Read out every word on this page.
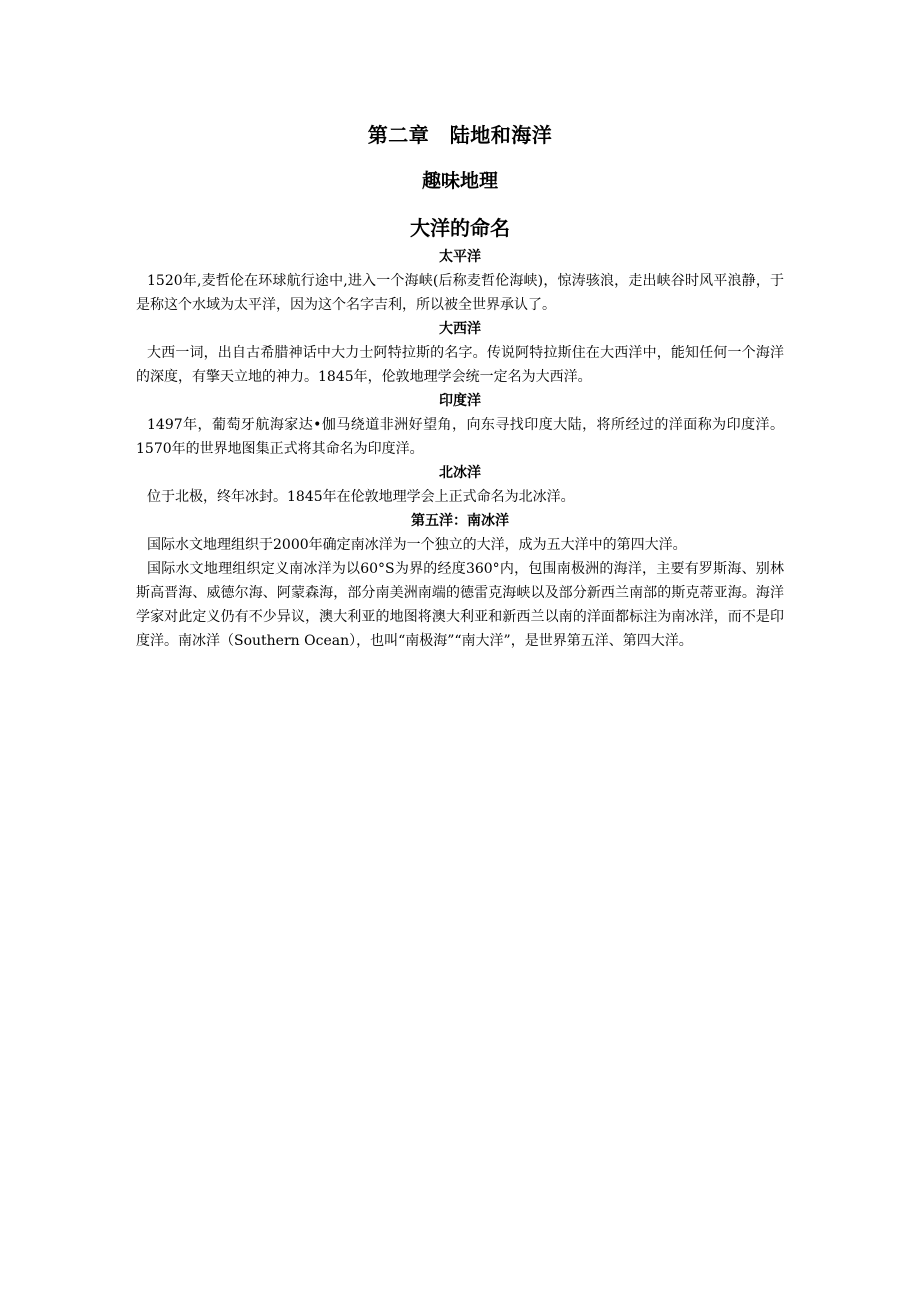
第二章　陆地和海洋
趣味地理
大洋的命名
太平洋

1520年,麦哲伦在环球航行途中,进入一个海峡(后称麦哲伦海峡)，惊涛骇浪，走出峡谷时风平浪静，于是称这个水域为太平洋，因为这个名字吉利，所以被全世界承认了。

大西洋

大西一词，出自古希腊神话中大力士阿特拉斯的名字。传说阿特拉斯住在大西洋中，能知任何一个海洋的深度，有擎天立地的神力。1845年，伦敦地理学会统一定名为大西洋。

印度洋

1497年，葡萄牙航海家达•伽马绕道非洲好望角，向东寻找印度大陆，将所经过的洋面称为印度洋。1570年的世界地图集正式将其命名为印度洋。

北冰洋

位于北极，终年冰封。1845年在伦敦地理学会上正式命名为北冰洋。

第五洋：南冰洋

国际水文地理组织于2000年确定南冰洋为一个独立的大洋，成为五大洋中的第四大洋。

国际水文地理组织定义南冰洋为以60°S为界的经度360°内，包围南极洲的海洋，主要有罗斯海、别林斯高晋海、威德尔海、阿蒙森海，部分南美洲南端的德雷克海峡以及部分新西兰南部的斯克蒂亚海。海洋学家对此定义仍有不少异议，澳大利亚的地图将澳大利亚和新西兰以南的洋面都标注为南冰洋，而不是印度洋。南冰洋（Southern Ocean），也叫“南极海”“南大洋”，是世界第五洋、第四大洋。
